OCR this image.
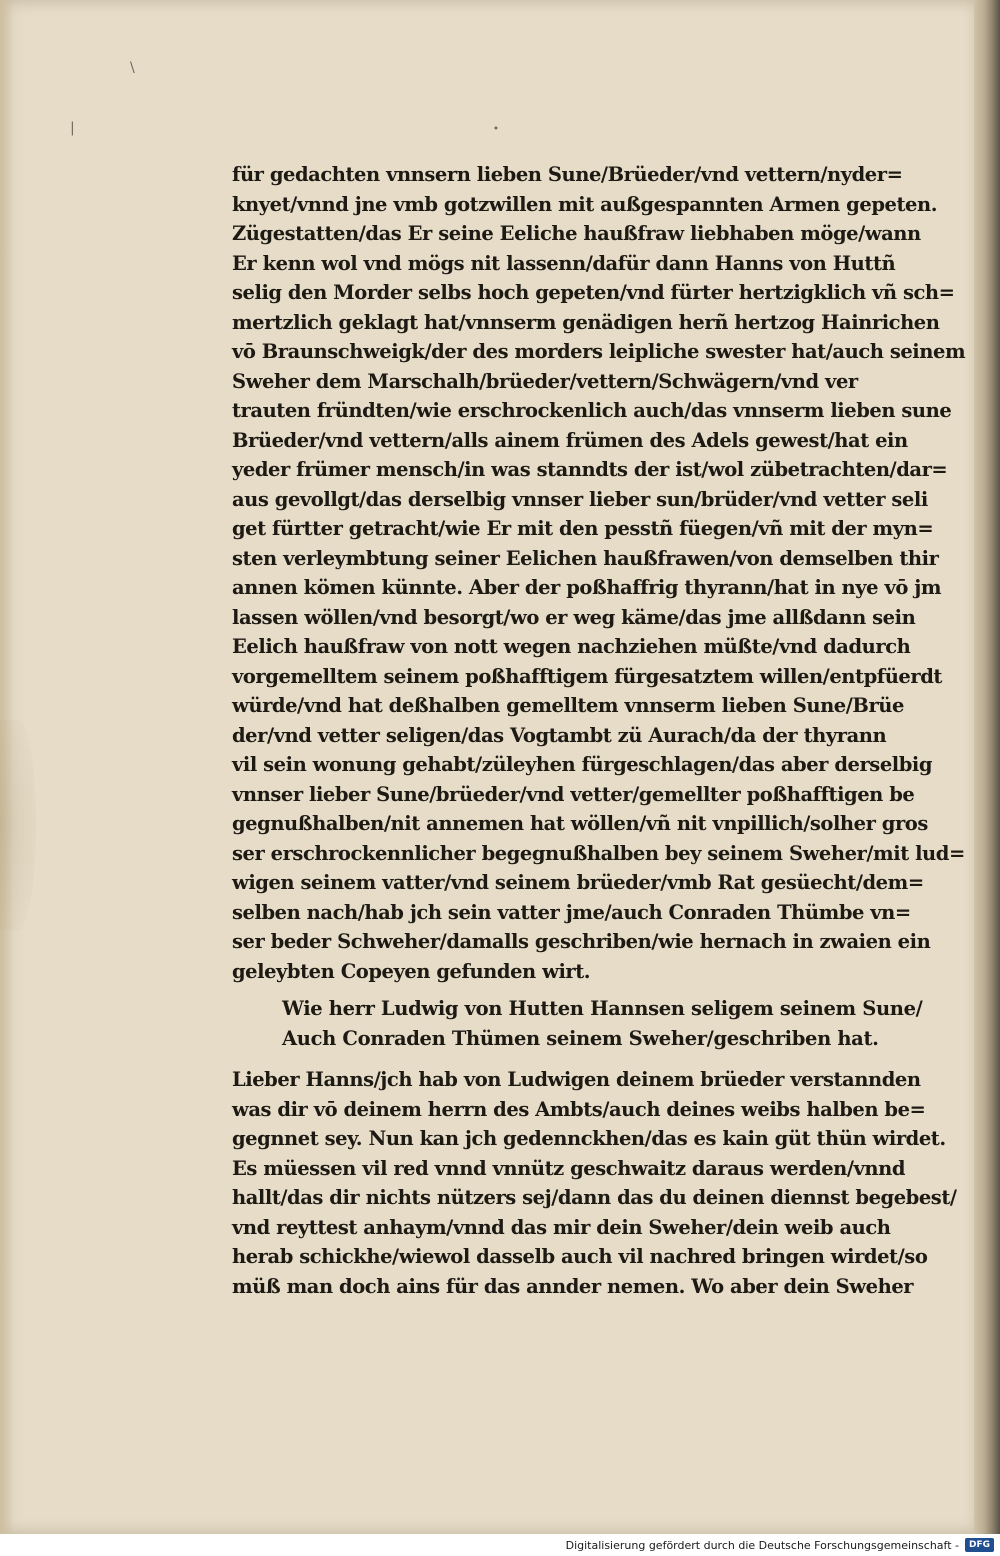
\
|	•
für gedachten vnnsern lieben Sune/Brüeder/vnd vettern/nyder=
knyet/vnnd jne vmb gotzwillen mit außgespannten Armen gepeten.
Zügestatten/das Er seine Eeliche haußfraw liebhaben möge/wann
Er kenn wol vnd mögs nit lassenn/dafür dann Hanns von Huttñ
selig den Morder selbs hoch gepeten/vnd fürter hertzigklich vñ sch=
mertzlich geklagt hat/vnnserm genädigen herñ hertzog Hainrichen
vō Braunschweigk/der des morders leipliche swester hat/auch seinem
Sweher dem Marschalh/brüeder/vettern/Schwägern/vnd ver
trauten fründten/wie erschrockenlich auch/das vnnserm lieben sune
Brüeder/vnd vettern/alls ainem frümen des Adels gewest/hat ein
yeder frümer mensch/in was stanndts der ist/wol zübetrachten/dar=
aus gevollgt/das derselbig vnnser lieber sun/brüder/vnd vetter seli
get fürtter getracht/wie Er mit den pesstñ füegen/vñ mit der myn=
sten verleymbtung seiner Eelichen haußfrawen/von demselben thir
annen kömen künnte. Aber der poßhaffrig thyrann/hat in nye vō jm
lassen wöllen/vnd besorgt/wo er weg käme/das jme allßdann sein
Eelich haußfraw von nott wegen nachziehen müßte/vnd dadurch
vorgemelltem seinem poßhafftigem fürgesatztem willen/entpfüerdt
würde/vnd hat deßhalben gemelltem vnnserm lieben Sune/Brüe
der/vnd vetter seligen/das Vogtambt zü Aurach/da der thyrann
vil sein wonung gehabt/züleyhen fürgeschlagen/das aber derselbig
vnnser lieber Sune/brüeder/vnd vetter/gemellter poßhafftigen be
gegnußhalben/nit annemen hat wöllen/vñ nit vnpillich/solher gros
ser erschrockennlicher begegnußhalben bey seinem Sweher/mit lud=
wigen seinem vatter/vnd seinem brüeder/vmb Rat gesüecht/dem=
selben nach/hab jch sein vatter jme/auch Conraden Thümbe vn=
ser beder Schweher/damalls geschriben/wie hernach in zwaien ein
geleybten Copeyen gefunden wirt.
Wie herr Ludwig von Hutten Hannsen seligem seinem Sune/
Auch Conraden Thümen seinem Sweher/geschriben hat.
Lieber Hanns/jch hab von Ludwigen deinem brüeder verstannden
was dir vō deinem herrn des Ambts/auch deines weibs halben be=
gegnnet sey. Nun kan jch gedennckhen/das es kain güt thün wirdet.
Es müessen vil red vnnd vnnütz geschwaitz daraus werden/vnnd
hallt/das dir nichts nützers sej/dann das du deinen diennst begebest/
vnd reyttest anhaym/vnnd das mir dein Sweher/dein weib auch
herab schickhe/wiewol dasselb auch vil nachred bringen wirdet/so
müß man doch ains für das annder nemen. Wo aber dein Sweher
Digitalisierung gefördert durch die Deutsche Forschungsgemeinschaft -	DFG
